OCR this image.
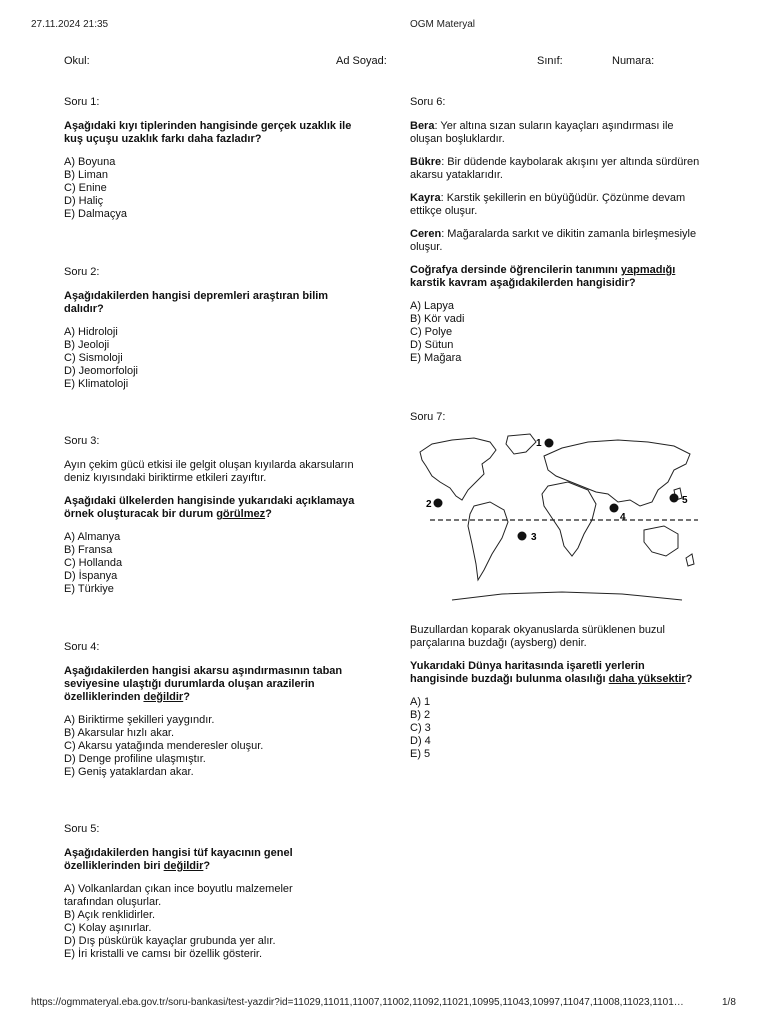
27.11.2024 21:35	OGM Materyal
Okul:	Ad Soyad:	Sınıf:	Numara:

Soru 1:

Aşağıdaki kıyı tiplerinden hangisinde gerçek uzaklık ile kuş uçuşu uzaklık farkı daha fazladır?

A) Boyuna
B) Liman
C) Enine
D) Haliç
E) Dalmaçya

Soru 2:

Aşağıdakilerden hangisi depremleri araştıran bilim dalıdır?

A) Hidroloji
B) Jeoloji
C) Sismoloji
D) Jeomorfoloji
E) Klimatoloji

Soru 3:

Ayın çekim gücü etkisi ile gelgit oluşan kıyılarda akarsuların deniz kıyısındaki biriktirme etkileri zayıftır.

Aşağıdaki ülkelerden hangisinde yukarıdaki açıklamaya örnek oluşturacak bir durum görülmez?

A) Almanya
B) Fransa
C) Hollanda
D) İspanya
E) Türkiye

Soru 4:

Aşağıdakilerden hangisi akarsu aşındırmasının taban seviyesine ulaştığı durumlarda oluşan arazilerin özelliklerinden değildir?

A) Biriktirme şekilleri yaygındır.
B) Akarsular hızlı akar.
C) Akarsu yatağında menderesler oluşur.
D) Denge profiline ulaşmıştır.
E) Geniş yataklardan akar.

Soru 5:

Aşağıdakilerden hangisi tüf kayacının genel özelliklerinden biri değildir?

A) Volkanlardan çıkan ince boyutlu malzemeler tarafından oluşurlar.
B) Açık renklidirler.
C) Kolay aşınırlar.
D) Dış püskürük kayaçlar grubunda yer alır.
E) İri kristalli ve camsı bir özellik gösterir.

Soru 6:

Bera: Yer altına sızan suların kayaçları aşındırması ile oluşan boşluklardır.

Bükre: Bir düdende kaybolarak akışını yer altında sürdüren akarsu yataklarıdır.

Kayra: Karstik şekillerin en büyüğüdür. Çözünme devam ettikçe oluşur.

Ceren: Mağaralarda sarkıt ve dikitin zamanla birleşmesiyle oluşur.

Coğrafya dersinde öğrencilerin tanımını yapmadığı karstik kavram aşağıdakilerden hangisidir?

A) Lapya
B) Kör vadi
C) Polye
D) Sütun
E) Mağara
Soru 7:
1
2
3
4
5

Buzullardan koparak okyanuslarda sürüklenen buzul parçalarına buzdağı (aysberg) denir.

Yukarıdaki Dünya haritasında işaretli yerlerin hangisinde buzdağı bulunma olasılığı daha yüksektir?

A) 1
B) 2
C) 3
D) 4
E) 5
https://ogmmateryal.eba.gov.tr/soru-bankasi/test-yazdir?id=11029,11011,11007,11002,11092,11021,10995,11043,10997,11047,11008,11023,1101…	1/8
